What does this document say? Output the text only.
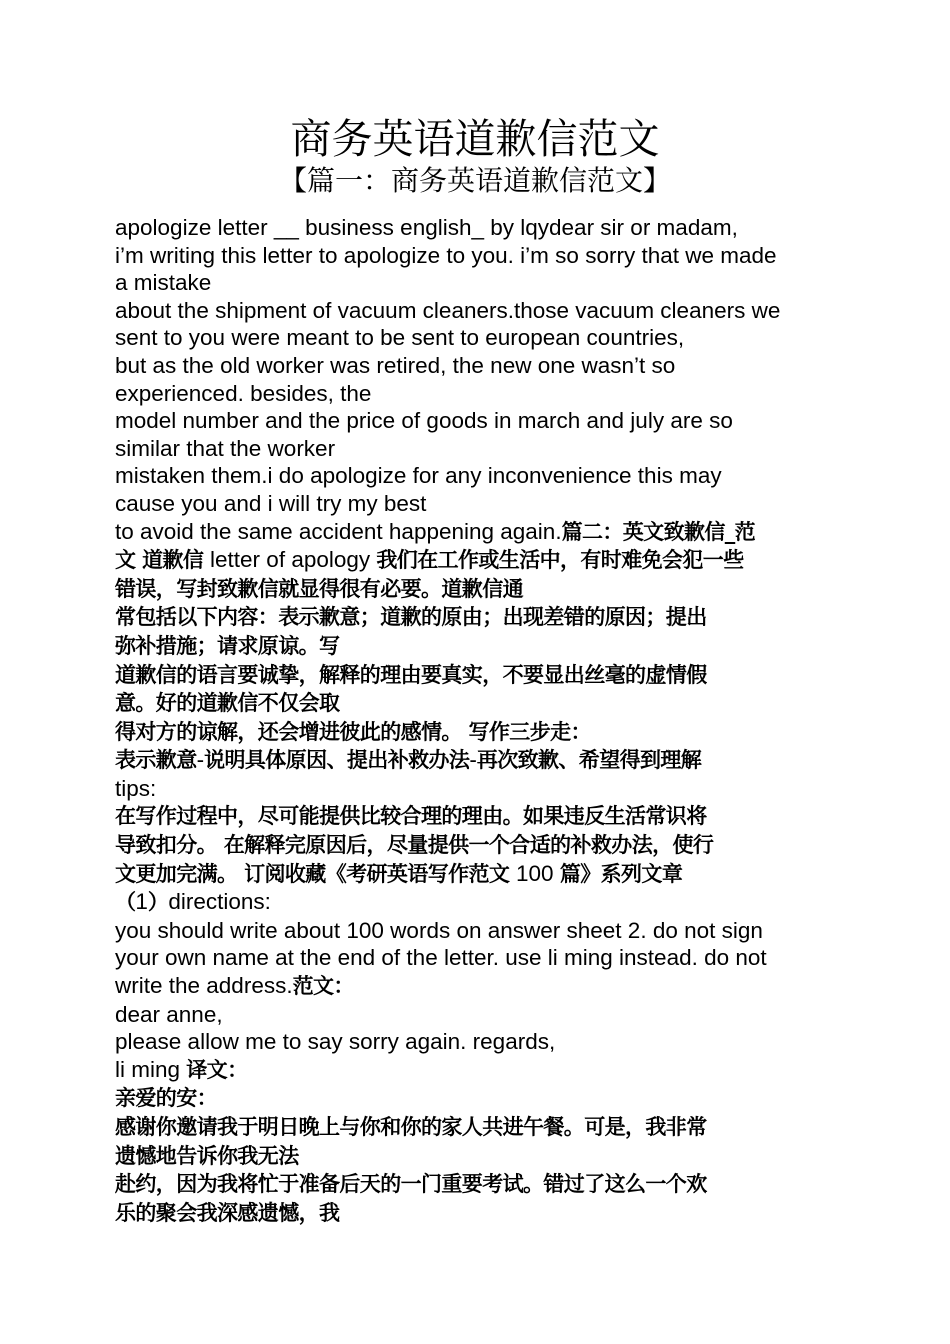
商务英语道歉信范文
【篇一：商务英语道歉信范文】
apologize letter __ business english_ by lqydear sir or madam,
i’m writing this letter to apologize to you. i’m so sorry that we made
a mistake
about the shipment of vacuum cleaners.those vacuum cleaners we
sent to you were meant to be sent to european countries,
but as the old worker was retired, the new one wasn’t so
experienced. besides, the
model number and the price of goods in march and july are so
similar that the worker
mistaken them.i do apologize for any inconvenience this may
cause you and i will try my best
to avoid the same accident happening again.篇二：英文致歉信_范
文 道歉信 letter of apology 我们在工作或生活中，有时难免会犯一些
错误，写封致歉信就显得很有必要。道歉信通
常包括以下内容：表示歉意；道歉的原由；出现差错的原因；提出
弥补措施；请求原谅。写
道歉信的语言要诚挚，解释的理由要真实，不要显出丝毫的虚情假
意。好的道歉信不仅会取
得对方的谅解，还会增进彼此的感情。 写作三步走：
表示歉意-说明具体原因、提出补救办法-再次致歉、希望得到理解
tips:
在写作过程中，尽可能提供比较合理的理由。如果违反生活常识将
导致扣分。 在解释完原因后，尽量提供一个合适的补救办法，使行
文更加完满。 订阅收藏《考研英语写作范文 100 篇》系列文章
（1）directions:
you should write about 100 words on answer sheet 2. do not sign
your own name at the end of the letter. use li ming instead. do not
write the address.范文：
dear anne,
please allow me to say sorry again. regards,
li ming 译文：
亲爱的安：
感谢你邀请我于明日晚上与你和你的家人共进午餐。可是，我非常
遗憾地告诉你我无法
赴约，因为我将忙于准备后天的一门重要考试。错过了这么一个欢
乐的聚会我深感遗憾，我
